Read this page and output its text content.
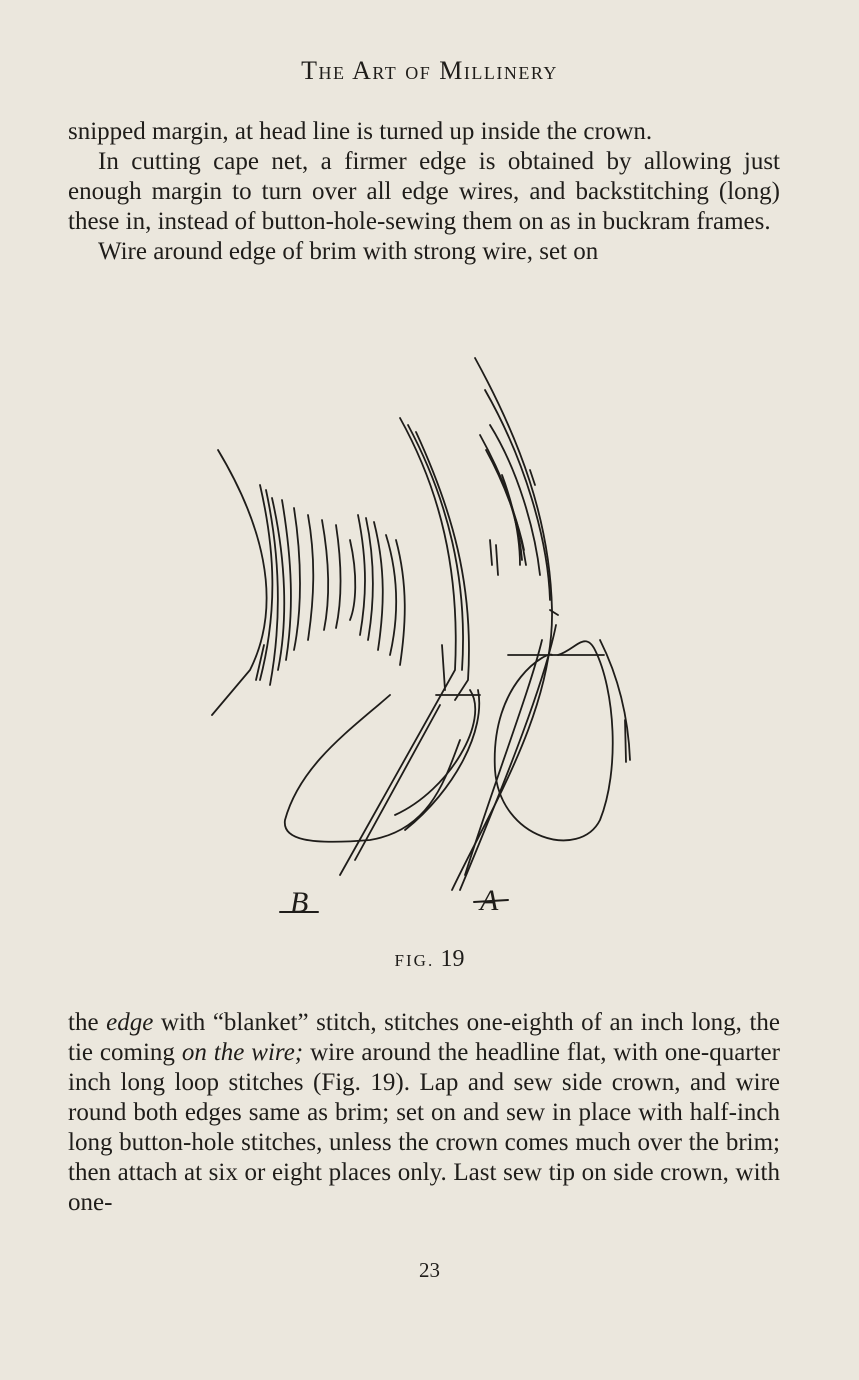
The Art of Millinery

snipped margin, at head line is turned up inside the crown.

In cutting cape net, a firmer edge is obtained by allowing just enough margin to turn over all edge wires, and backstitching (long) these in, instead of button-hole-sewing them on as in buckram frames.

Wire around edge of brim with strong wire, set on

B	A
FIG. 19

the edge with “blanket” stitch, stitches one-eighth of an inch long, the tie coming on the wire; wire around the headline flat, with one-quarter inch long loop stitches (Fig. 19). Lap and sew side crown, and wire round both edges same as brim; set on and sew in place with half-inch long button-hole stitches, unless the crown comes much over the brim; then attach at six or eight places only. Last sew tip on side crown, with one-

23
